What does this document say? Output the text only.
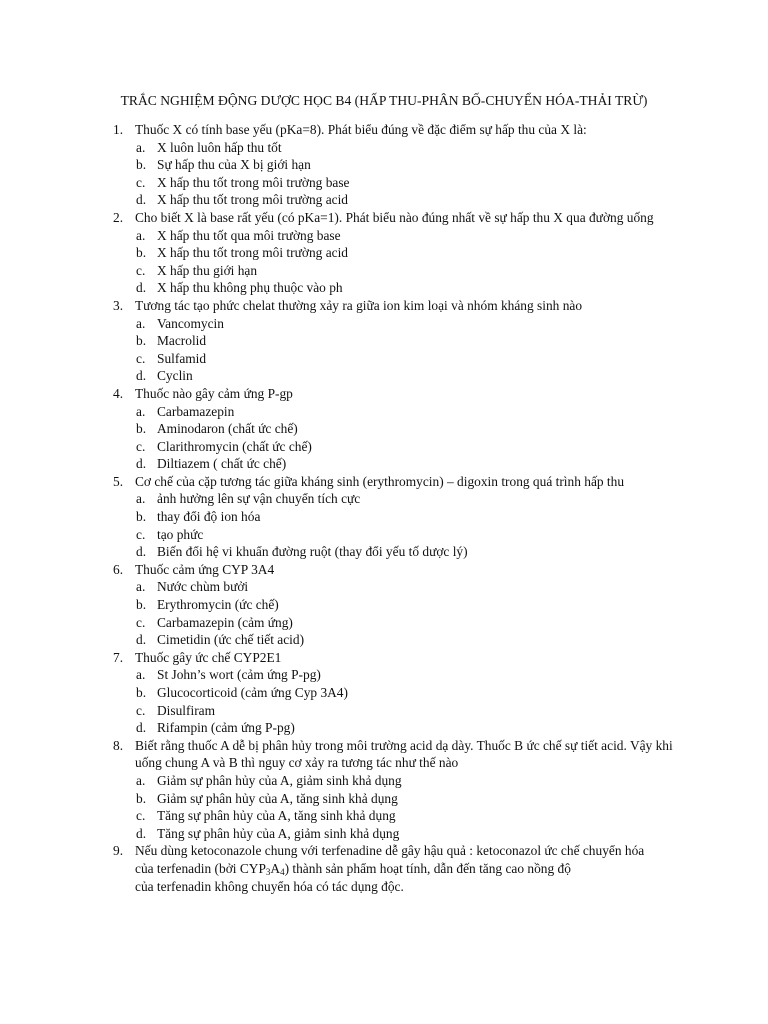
TRẮC NGHIỆM ĐỘNG DƯỢC HỌC B4 (HẤP THU-PHÂN BỐ-CHUYỂN HÓA-THẢI TRỪ)
1. Thuốc X có tính base yếu (pKa=8). Phát biểu đúng về đặc điểm sự hấp thu của X là:
a. X luôn luôn hấp thu tốt
b. Sự hấp thu của X bị giới hạn
c. X hấp thu tốt trong môi trường base
d. X hấp thu tốt trong môi trường acid
2. Cho biết X là base rất yếu (có pKa=1). Phát biểu nào đúng nhất về sự hấp thu X qua đường uống
a. X hấp thu tốt qua môi trường base
b. X hấp thu tốt trong môi trường acid
c. X hấp thu giới hạn
d. X hấp thu không phụ thuộc vào ph
3. Tương tác tạo phức chelat thường xảy ra giữa ion kim loại và nhóm kháng sinh nào
a. Vancomycin
b. Macrolid
c. Sulfamid
d. Cyclin
4. Thuốc nào gây cảm ứng P-gp
a. Carbamazepin
b. Aminodaron (chất ức chế)
c. Clarithromycin (chất ức chế)
d. Diltiazem ( chất ức chế)
5. Cơ chế của cặp tương tác giữa kháng sinh (erythromycin) – digoxin trong quá trình hấp thu
a. ảnh hưởng lên sự vận chuyển tích cực
b. thay đổi độ ion hóa
c. tạo phức
d. Biến đổi hệ vi khuẩn đường ruột (thay đổi yếu tố dược lý)
6. Thuốc cảm ứng CYP 3A4
a. Nước chùm bưởi
b. Erythromycin (ức chế)
c. Carbamazepin (cảm ứng)
d. Cimetidin (ức chế tiết acid)
7. Thuốc gây ức chế CYP2E1
a. St John’s wort (cảm ứng P-pg)
b. Glucocorticoid (cảm ứng Cyp 3A4)
c. Disulfiram
d. Rifampin (cảm ứng P-pg)
8. Biết rằng thuốc A dễ bị phân hủy trong môi trường acid dạ dày. Thuốc B ức chế sự tiết acid. Vậy khi uống chung A và B thì nguy cơ xảy ra tương tác như thế nào
a. Giảm sự phân hủy của A, giảm sinh khả dụng
b. Giảm sự phân hủy của A, tăng sinh khả dụng
c. Tăng sự phân hủy của A, tăng sinh khả dụng
d. Tăng sự phân hủy của A, giảm sinh khả dụng
9. Nếu dùng ketoconazole chung với terfenadine dễ gây hậu quả : ketoconazol ức chế chuyển hóa
của terfenadin (bởi $CYP_3A_4$) thành sản phẩm hoạt tính, dẫn đến tăng cao nồng độ
của terfenadin không chuyển hóa có tác dụng độc.
